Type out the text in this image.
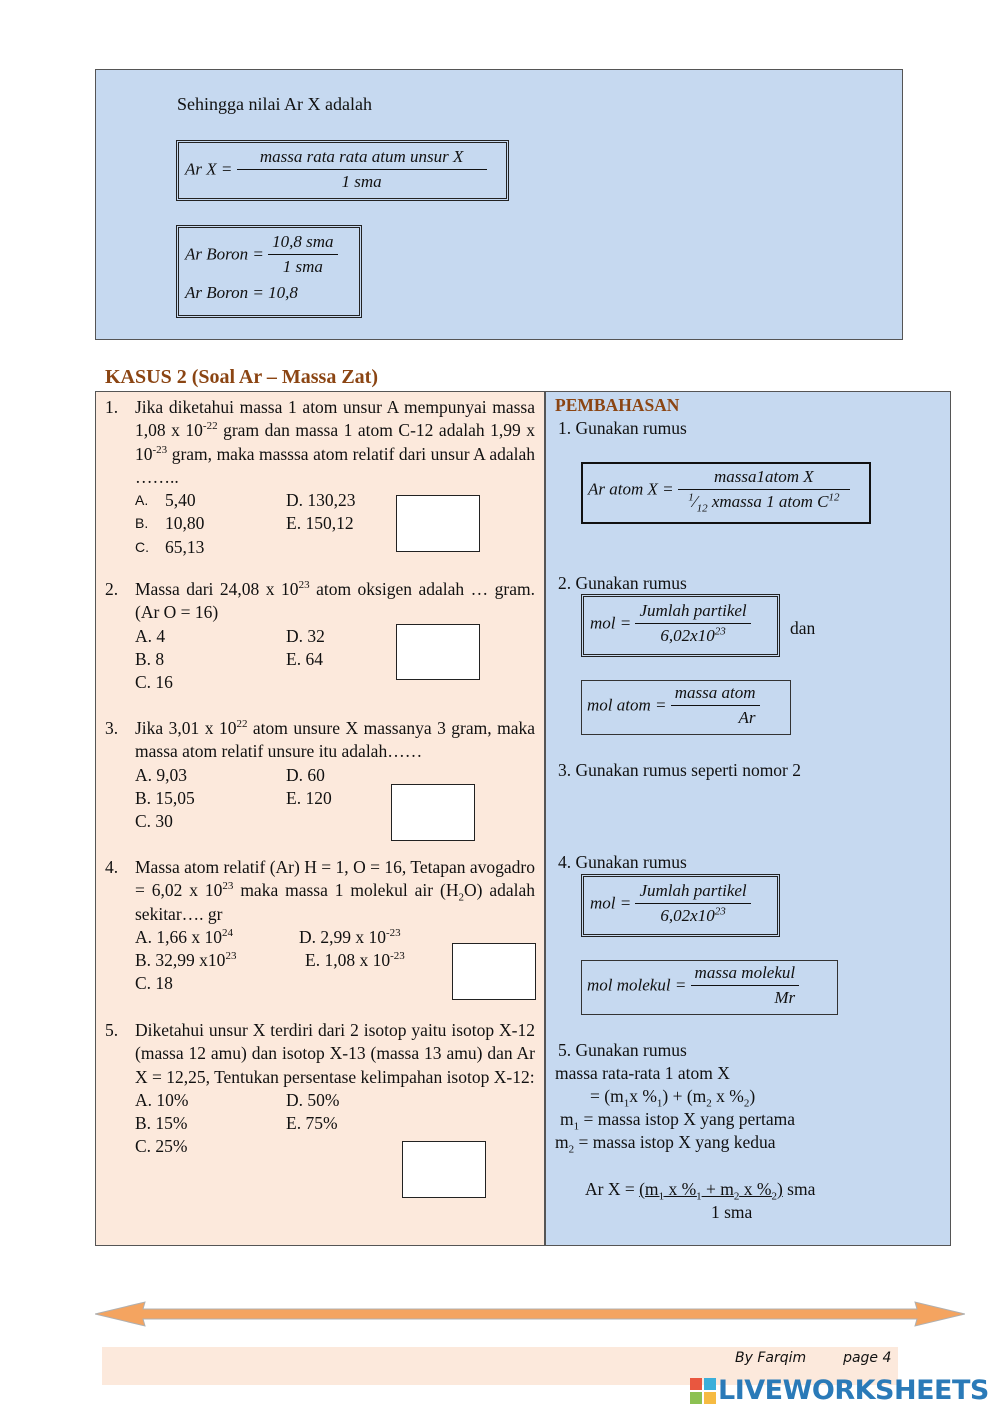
Sehingga nilai Ar X adalah
Ar $X = \frac{\text{massa rata rata atum unsur X}}{\text{1 sma}}$
Ar Boron = $\frac{\text{10,8 sma}}{\text{1 sma}}$
Ar Boron = 10,8
KASUS 2 (Soal Ar – Massa Zat)
1. Jika diketahui massa 1 atom unsur A mempunyai massa 1,08 x $10^{-22}$ gram dan massa 1 atom C-12 adalah 1,99 x $10^{-23}$ gram, maka masssa atom relatif dari unsur A adalah ……..
A. 5,40	D. 130,23
B. 10,80	E. 150,12
C. 65,13
2. Massa dari 24,08 x $10^{23}$ atom oksigen adalah … gram. (Ar O = 16)
A. 4	D. 32
B. 8	E. 64
C. 16
3. Jika 3,01 x $10^{22}$ atom unsure X massanya 3 gram, maka massa atom relatif unsure itu adalah……
A. 9,03	D. 60
B. 15,05	E. 120
C. 30
4. Massa atom relatif (Ar) H = 1, O = 16, Tetapan avogadro = 6,02 x $10^{23}$ maka massa 1 molekul air $(H_2O)$ adalah sekitar…. gr
A. 1,66 x $10^{24}$	D. 2,99 x $10^{-23}$
B. 32,99 $x10^{23}$	E. 1,08 x $10^{-23}$
C. 18
5. Diketahui unsur X terdiri dari 2 isotop yaitu isotop X-12 (massa 12 amu) dan isotop X-13 (massa 13 amu) dan Ar X = 12,25, Tentukan persentase kelimpahan isotop X-12:
A. 10%	D. 50%
B. 15%	E. 75%
C. 25%
PEMBAHASAN
1. Gunakan rumus
Ar atom $X = \frac{\text{massa1atom X}}{^1⁄_{12} xmassa 1 atom C^{12}}$
2. Gunakan rumus
mol = $\frac{\text{Jumlah partikel}}{6,02x10^{23}}$ dan
mol atom = $\frac{\text{massa atom}}{Ar}$
3. Gunakan rumus seperti nomor 2
4. Gunakan rumus
mol = $\frac{\text{Jumlah partikel}}{6,02x10^{23}}$
mol molekul = $\frac{\text{massa molekul}}{Mr}$
5. Gunakan rumus
massa rata-rata 1 atom X
= ($m_1x$ $\%_1) + (m_2$ x $\%_2$)
$m_1$ = massa istop X yang pertama
$m_2$ = massa istop X yang kedua
Ar $X = (m_1$ x $\%_1 + m_2$ x $\%_2$) sma
1 sma
By Farqim	page 4
LIVEWORKSHEETS
